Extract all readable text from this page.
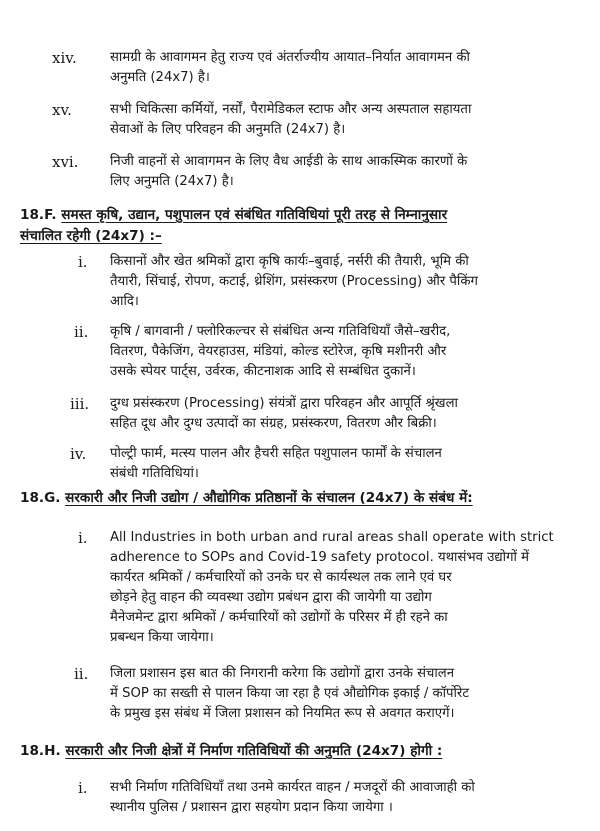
xiv.	सामग्री के आवागमन हेतु राज्य एवं अंतर्राज्यीय आयात–निर्यात आवागमन की
अनुमति (24x7) है।
xv.	सभी चिकित्सा कर्मियों, नर्सों, पैरामेडिकल स्टाफ और अन्य अस्पताल सहायता
सेवाओं के लिए परिवहन की अनुमति (24x7) है।
xvi. निजी वाहनों से आवागमन के लिए वैध आईडी के साथ आकस्मिक कारणों के
लिए अनुमति (24x7) है।
18.F. समस्त कृषि, उद्यान, पशुपालन एवं संबंधित गतिविधियां पूरी तरह से निम्नानुसार
संचालित रहेगी (24x7) :–
i. किसानों और खेत श्रमिकों द्वारा कृषि कार्यः–बुवाई, नर्सरी की तैयारी, भूमि की
तैयारी, सिंचाई, रोपण, कटाई, थ्रेशिंग, प्रसंस्करण (Processing) और पैकिंग
आदि।
ii. कृषि / बागवानी / फ्लोरिकल्चर से संबंधित अन्य गतिविधियाँ जैसे–खरीद,
वितरण, पैकेजिंग, वेयरहाउस, मंडियां, कोल्ड स्टोरेज, कृषि मशीनरी और
उसके स्पेयर पार्ट्स, उर्वरक, कीटनाशक आदि से सम्बंधित दुकानें।
iii. दुग्ध प्रसंस्करण (Processing) संयंत्रों द्वारा परिवहन और आपूर्ति श्रृंखला
सहित दूध और दुग्ध उत्पादों का संग्रह, प्रसंस्करण, वितरण और बिक्री।
iv. पोल्ट्री फार्म, मत्स्य पालन और हैचरी सहित पशुपालन फार्मों के संचालन
संबंधी गतिविधियां।
18.G. सरकारी और निजी उद्योग / औद्योगिक प्रतिष्ठानों के संचालन (24x7) के संबंध में:
i. All Industries in both urban and rural areas shall operate with strict
adherence to SOPs and Covid-19 safety protocol. यथासंभव उद्योगों में
कार्यरत श्रमिकों / कर्मचारियों को उनके घर से कार्यस्थल तक लाने एवं घर
छोड़ने हेतु वाहन की व्यवस्था उद्योग प्रबंधन द्वारा की जायेगी या उद्योग
मैनेजमेन्ट द्वारा श्रमिकों / कर्मचारियों को उद्योगों के परिसर में ही रहने का
प्रबन्धन किया जायेगा।
ii. जिला प्रशासन इस बात की निगरानी करेगा कि उद्योगों द्वारा उनके संचालन
में SOP का सख्ती से पालन किया जा रहा है एवं औद्योगिक इकाई / कॉर्पोरेट
के प्रमुख इस संबंध में जिला प्रशासन को नियमित रूप से अवगत कराएगें।
18.H. सरकारी और निजी क्षेत्रों में निर्माण गतिविधियों की अनुमति (24x7) होगी :
i. सभी निर्माण गतिविधियाँ तथा उनमे कार्यरत वाहन / मजदूरों की आवाजाही को
स्थानीय पुलिस / प्रशासन द्वारा सहयोग प्रदान किया जायेगा ।
